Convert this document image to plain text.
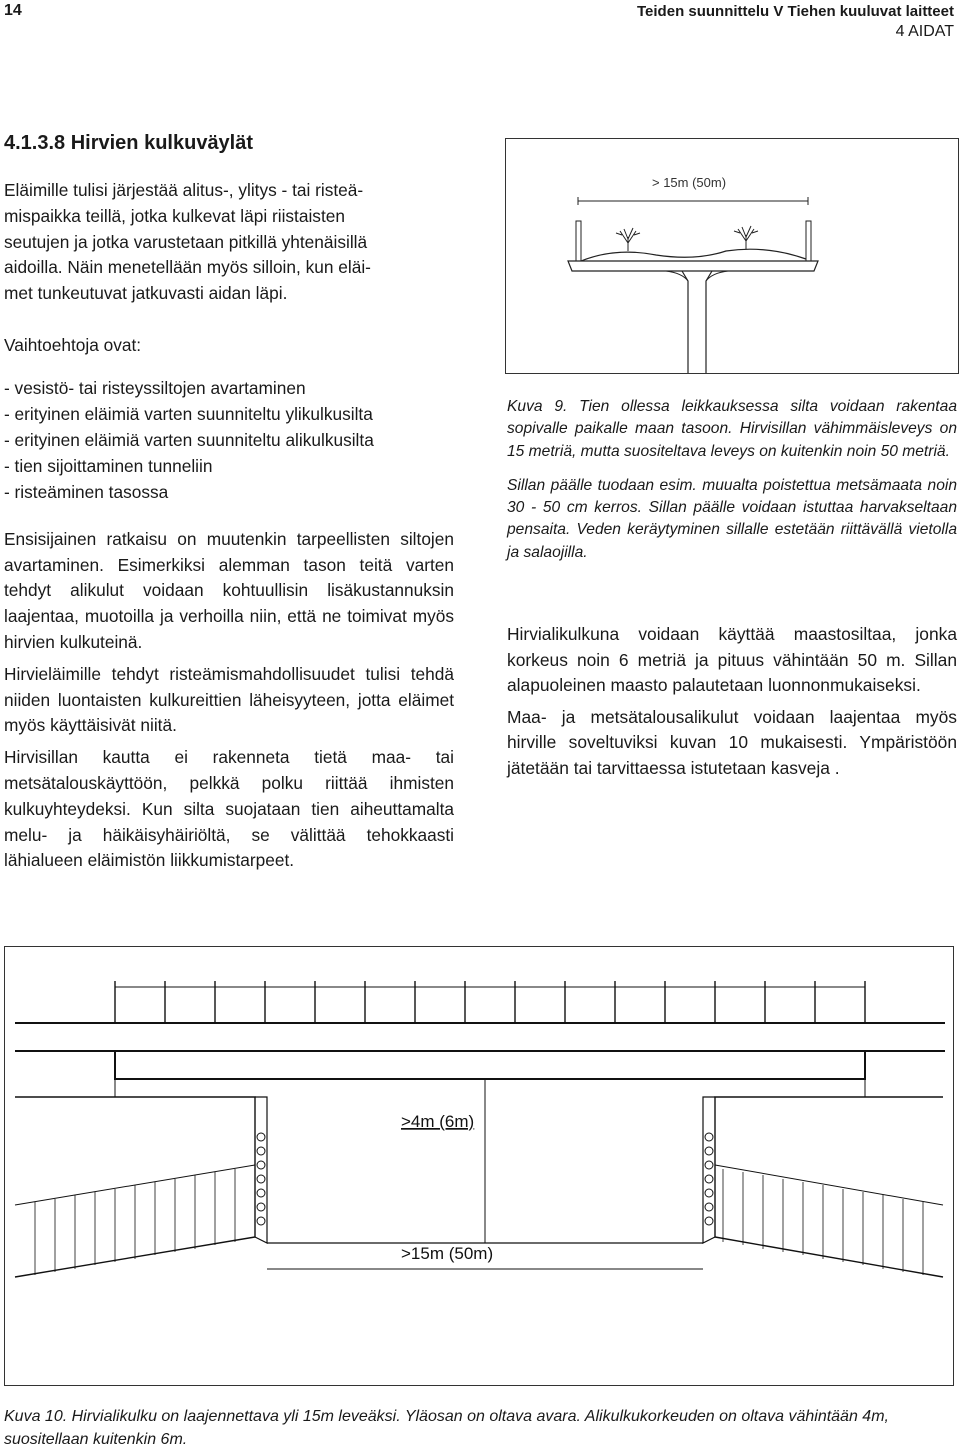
14	Teiden suunnittelu V Tiehen kuuluvat laitteet
4 AIDAT
4.1.3.8 Hirvien kulkuväylät
Eläimille tulisi järjestää alitus-, ylitys - tai risteä-
mispaikka teillä, jotka kulkevat läpi riistaisten
seutujen ja jotka varustetaan pitkillä yhtenäisillä
aidoilla. Näin menetellään myös silloin, kun eläi-
met tunkeutuvat jatkuvasti aidan läpi.

Vaihtoehtoja ovat:

- vesistö- tai risteyssiltojen avartaminen
- erityinen eläimiä varten suunniteltu ylikulkusilta
- erityinen eläimiä varten suunniteltu alikulkusilta
- tien sijoittaminen tunneliin
- risteäminen tasossa

Ensisijainen ratkaisu on muutenkin tarpeellisten siltojen avartaminen. Esimerkiksi alemman tason teitä varten tehdyt alikulut voidaan kohtuullisin lisäkustannuksin laajentaa, muotoilla ja verhoilla niin, että ne toimivat myös hirvien kulkuteinä.

Hirvieläimille tehdyt risteämismahdollisuudet tulisi tehdä niiden luontaisten kulkureittien läheisyyteen, jotta eläimet myös käyttäisivät niitä.

Hirvisillan kautta ei rakenneta tietä maa- tai metsätalouskäyttöön, pelkkä polku riittää ihmisten kulkuyhteydeksi. Kun silta suojataan tien aiheuttamalta melu- ja häikäisyhäiriöltä, se välittää tehokkaasti lähialueen eläimistön liikkumistarpeet.

> 15m (50m)

Kuva 9. Tien ollessa leikkauksessa silta voidaan rakentaa sopivalle paikalle maan tasoon. Hirvisillan vähimmäisleveys on 15 metriä, mutta suositeltava leveys on kuitenkin noin 50 metriä.

Sillan päälle tuodaan esim. muualta poistettua metsämaata noin 30 - 50 cm kerros. Sillan päälle voidaan istuttaa harvakseltaan pensaita. Veden keräytyminen sillalle estetään riittävällä vietolla ja salaojilla.

Hirvialikulkuna voidaan käyttää maastosiltaa, jonka korkeus noin 6 metriä ja pituus vähintään 50 m. Sillan alapuoleinen maasto palautetaan luonnonmukaiseksi.

Maa- ja metsätalousalikulut voidaan laajentaa myös hirville soveltuviksi kuvan 10 mukaisesti. Ympäristöön jätetään tai tarvittaessa istutetaan kasveja .

>4m (6m)
>15m (50m)
Kuva 10. Hirvialikulku on laajennettava yli 15m leveäksi. Yläosan on oltava avara. Alikulkukorkeuden on oltava vähintään 4m, suositellaan kuitenkin 6m.
